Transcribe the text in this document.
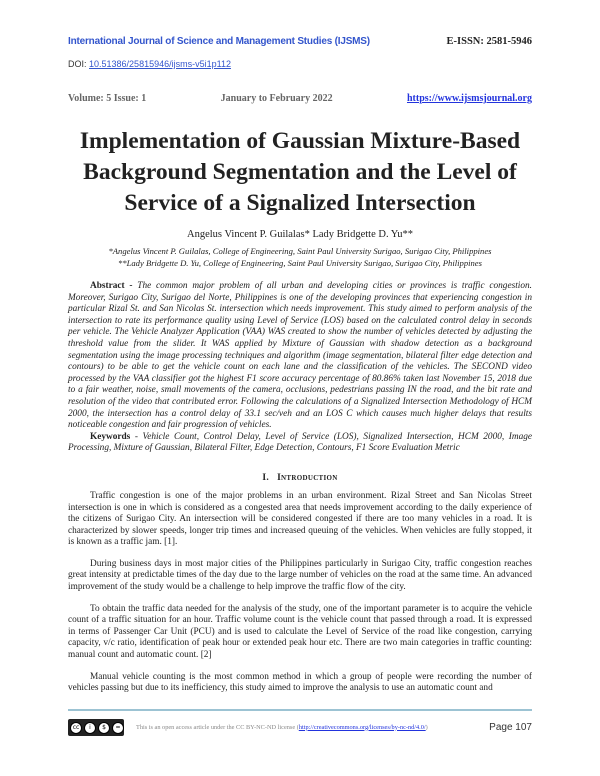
International Journal of Science and Management Studies (IJSMS)	E-ISSN: 2581-5946
DOI: 10.51386/25815946/ijsms-v5i1p112
Volume: 5 Issue: 1	January to February 2022	https://www.ijsmsjournal.org
Implementation of Gaussian Mixture-Based Background Segmentation and the Level of Service of a Signalized Intersection
Angelus Vincent P. Guilalas* Lady Bridgette D. Yu**
*Angelus Vincent P. Guilalas, College of Engineering, Saint Paul University Surigao, Surigao City, Philippines
**Lady Bridgette D. Yu, College of Engineering, Saint Paul University Surigao, Surigao City, Philippines
Abstract - The common major problem of all urban and developing cities or provinces is traffic congestion. Moreover, Surigao City, Surigao del Norte, Philippines is one of the developing provinces that experiencing congestion in particular Rizal St. and San Nicolas St. intersection which needs improvement. This study aimed to perform analysis of the intersection to rate its performance quality using Level of Service (LOS) based on the calculated control delay in seconds per vehicle. The Vehicle Analyzer Application (VAA) WAS created to show the number of vehicles detected by adjusting the threshold value from the slider. It WAS applied by Mixture of Gaussian with shadow detection as a background segmentation using the image processing techniques and algorithm (image segmentation, bilateral filter edge detection and contours) to be able to get the vehicle count on each lane and the classification of the vehicles. The SECOND video processed by the VAA classifier got the highest F1 score accuracy percentage of 80.86% taken last November 15, 2018 due to a fair weather, noise, small movements of the camera, occlusions, pedestrians passing IN the road, and the bit rate and resolution of the video that contributed error. Following the calculations of a Signalized Intersection Methodology of HCM 2000, the intersection has a control delay of 33.1 sec/veh and an LOS C which causes much higher delays that results noticeable congestion and fair progression of vehicles.
Keywords - Vehicle Count, Control Delay, Level of Service (LOS), Signalized Intersection, HCM 2000, Image Processing, Mixture of Gaussian, Bilateral Filter, Edge Detection, Contours, F1 Score Evaluation Metric
I. Introduction
Traffic congestion is one of the major problems in an urban environment. Rizal Street and San Nicolas Street intersection is one in which is considered as a congested area that needs improvement according to the daily experience of the citizens of Surigao City. An intersection will be considered congested if there are too many vehicles in a road. It is characterized by slower speeds, longer trip times and increased queuing of the vehicles. When vehicles are fully stopped, it is known as a traffic jam. [1].
During business days in most major cities of the Philippines particularly in Surigao City, traffic congestion reaches great intensity at predictable times of the day due to the large number of vehicles on the road at the same time. An advanced improvement of the study would be a challenge to help improve the traffic flow of the city.
To obtain the traffic data needed for the analysis of the study, one of the important parameter is to acquire the vehicle count of a traffic situation for an hour. Traffic volume count is the vehicle count that passed through a road. It is expressed in terms of Passenger Car Unit (PCU) and is used to calculate the Level of Service of the road like congestion, carrying capacity, v/c ratio, identification of peak hour or extended peak hour etc. There are two main categories in traffic counting: manual count and automatic count. [2]
Manual vehicle counting is the most common method in which a group of people were recording the number of vehicles passing but due to its inefficiency, this study aimed to improve the analysis to use an automatic count and
cc	i	$	=	This is an open access article under the CC BY-NC-ND license (http://creativecommons.org/licenses/by-nc-nd/4.0/)	Page 107
